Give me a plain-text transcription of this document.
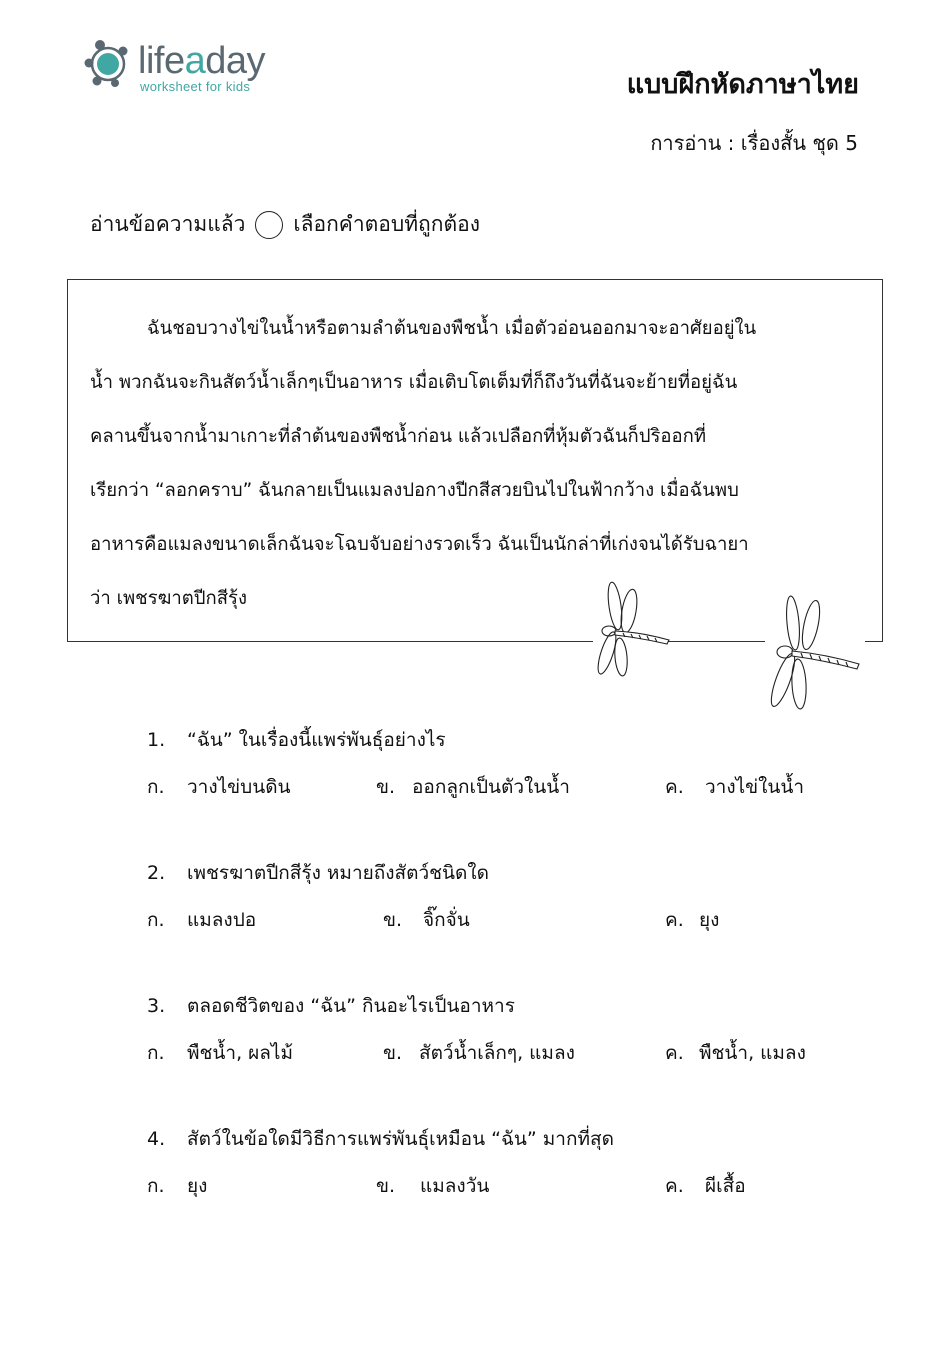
lifeaday
worksheet for kids	แบบฝึกหัดภาษาไทย
การอ่าน : เรื่องสั้น ชุด 5
อ่านข้อความแล้ว เลือกคำตอบที่ถูกต้อง
ฉันชอบวางไข่ในน้ำหรือตามลำต้นของพืชน้ำ เมื่อตัวอ่อนออกมาจะอาศัยอยู่ใน
น้ำ พวกฉันจะกินสัตว์น้ำเล็กๆเป็นอาหาร เมื่อเติบโตเต็มที่ก็ถึงวันที่ฉันจะย้ายที่อยู่ฉัน
คลานขึ้นจากน้ำมาเกาะที่ลำต้นของพืชน้ำก่อน แล้วเปลือกที่หุ้มตัวฉันก็ปริออกที่
เรียกว่า “ลอกคราบ” ฉันกลายเป็นแมลงปอกางปีกสีสวยบินไปในฟ้ากว้าง เมื่อฉันพบ
อาหารคือแมลงขนาดเล็กฉันจะโฉบจับอย่างรวดเร็ว ฉันเป็นนักล่าที่เก่งจนได้รับฉายา
ว่า เพชรฆาตปีกสีรุ้ง
1. “ฉัน” ในเรื่องนี้แพร่พันธุ์อย่างไร
ก. วางไข่บนดิน	ข. ออกลูกเป็นตัวในน้ำ	ค. วางไข่ในน้ำ
2. เพชรฆาตปีกสีรุ้ง หมายถึงสัตว์ชนิดใด
ก. แมลงปอ	ข. จิ๊กจั่น	ค. ยุง
3. ตลอดชีวิตของ “ฉัน” กินอะไรเป็นอาหาร
ก. พืชน้ำ, ผลไม้	ข. สัตว์น้ำเล็กๆ, แมลง	ค. พืชน้ำ, แมลง
4. สัตว์ในข้อใดมีวิธีการแพร่พันธุ์เหมือน “ฉัน” มากที่สุด
ก. ยุง	ข. แมลงวัน	ค. ผีเสื้อ
